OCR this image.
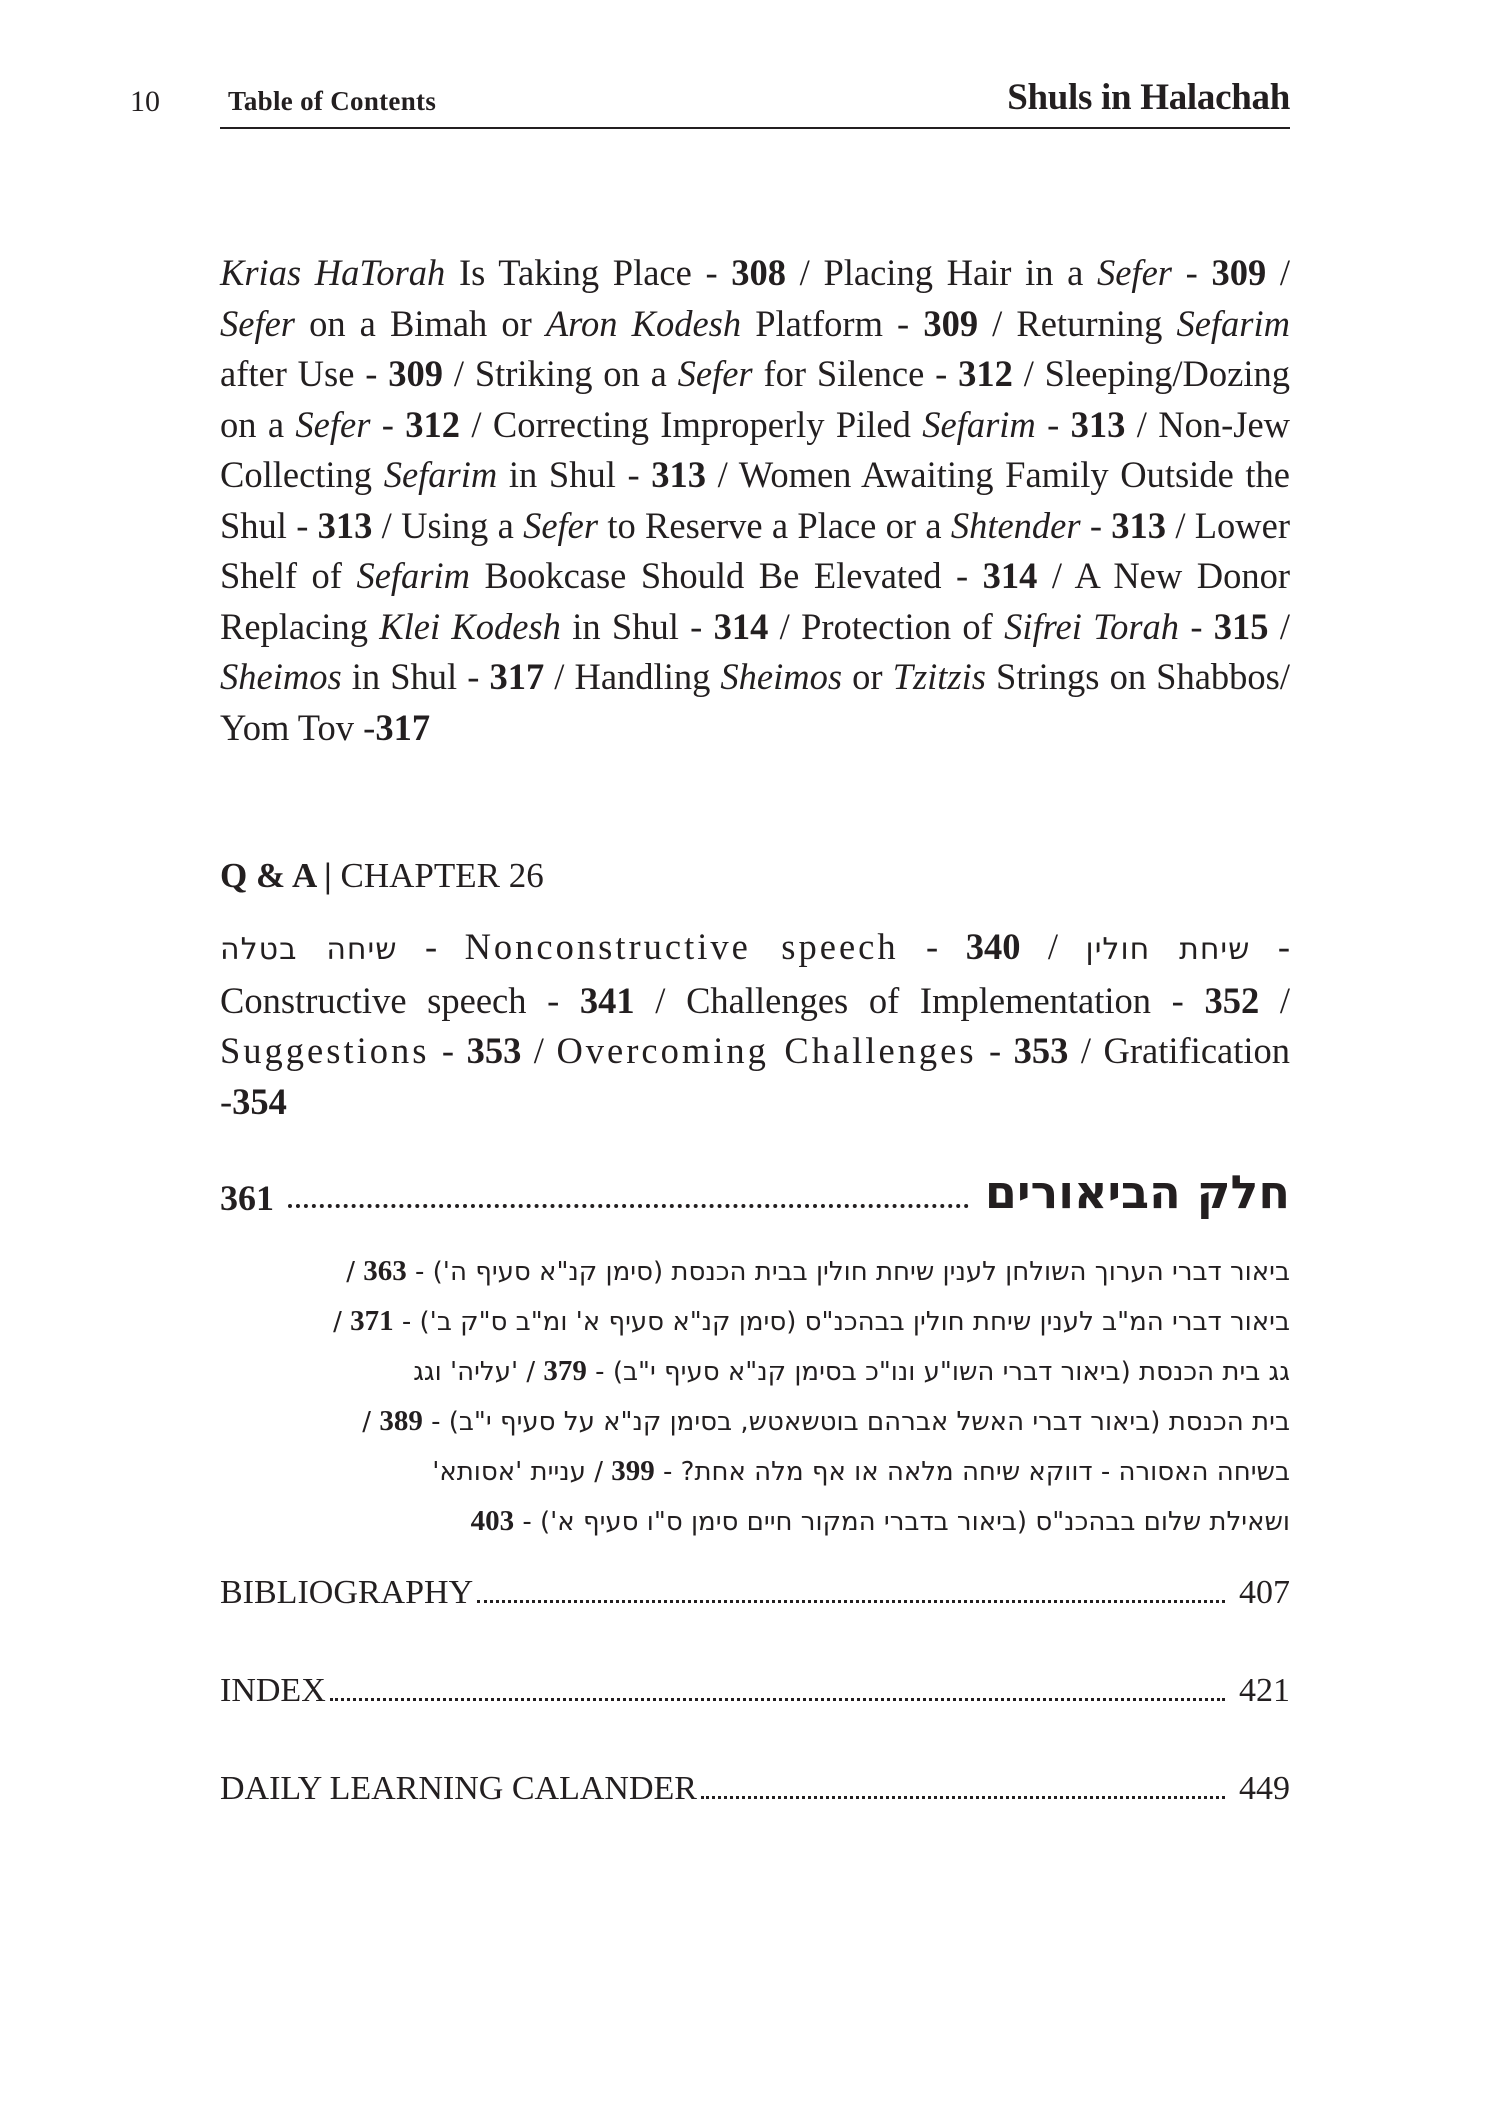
10	Table of Contents	Shuls in Halachah
Krias HaTorah Is Taking Place - 308 / Placing Hair in a Sefer - 309 / Sefer on a Bimah or Aron Kodesh Platform - 309 / Returning Sefarim after Use - 309 / Striking on a Sefer for Silence - 312 / Sleeping/Dozing on a Sefer - 312 / Correcting Improperly Piled Sefarim - 313 / Non-Jew Collecting Sefarim in Shul - 313 / Women Awaiting Family Outside the Shul - 313 / Using a Sefer to Reserve a Place or a Shtender - 313 / Lower Shelf of Sefarim Bookcase Should Be Elevated - 314 / A New Donor Replacing Klei Kodesh in Shul - 314 / Protection of Sifrei Torah - 315 / Sheimos in Shul - 317 / Handling Sheimos or Tzitzis Strings on Shabbos/ Yom Tov -317
Q & A | CHAPTER 26
שיחה בטלה - Nonconstructive speech - 340 / שיחת חולין - Constructive speech - 341 / Challenges of Implementation - 352 / Suggestions - 353 / Overcoming Challenges - 353 / Gratification -354
361	חלק הביאורים
ביאור דברי הערוך השולחן לענין שיחת חולין בבית הכנסת (סימן קנ"א סעיף ה') - 363 /
ביאור דברי המ"ב לענין שיחת חולין בבהכנ"ס (סימן קנ"א סעיף א' ומ"ב ס"ק ב') - 371 /
גג בית הכנסת (ביאור דברי השו"ע ונו"כ בסימן קנ"א סעיף י"ב) - 379 / 'עליה' וגג
בית הכנסת (ביאור דברי האשל אברהם בוטשאטש, בסימן קנ"א על סעיף י"ב) - 389 /
בשיחה האסורה - דווקא שיחה מלאה או אף מלה אחת? - 399 / עניית 'אסותא'
ושאילת שלום בבהכנ"ס (ביאור בדברי המקור חיים סימן ס"ו סעיף א') - 403
BIBLIOGRAPHY	407
INDEX	421
DAILY LEARNING CALANDER	449
